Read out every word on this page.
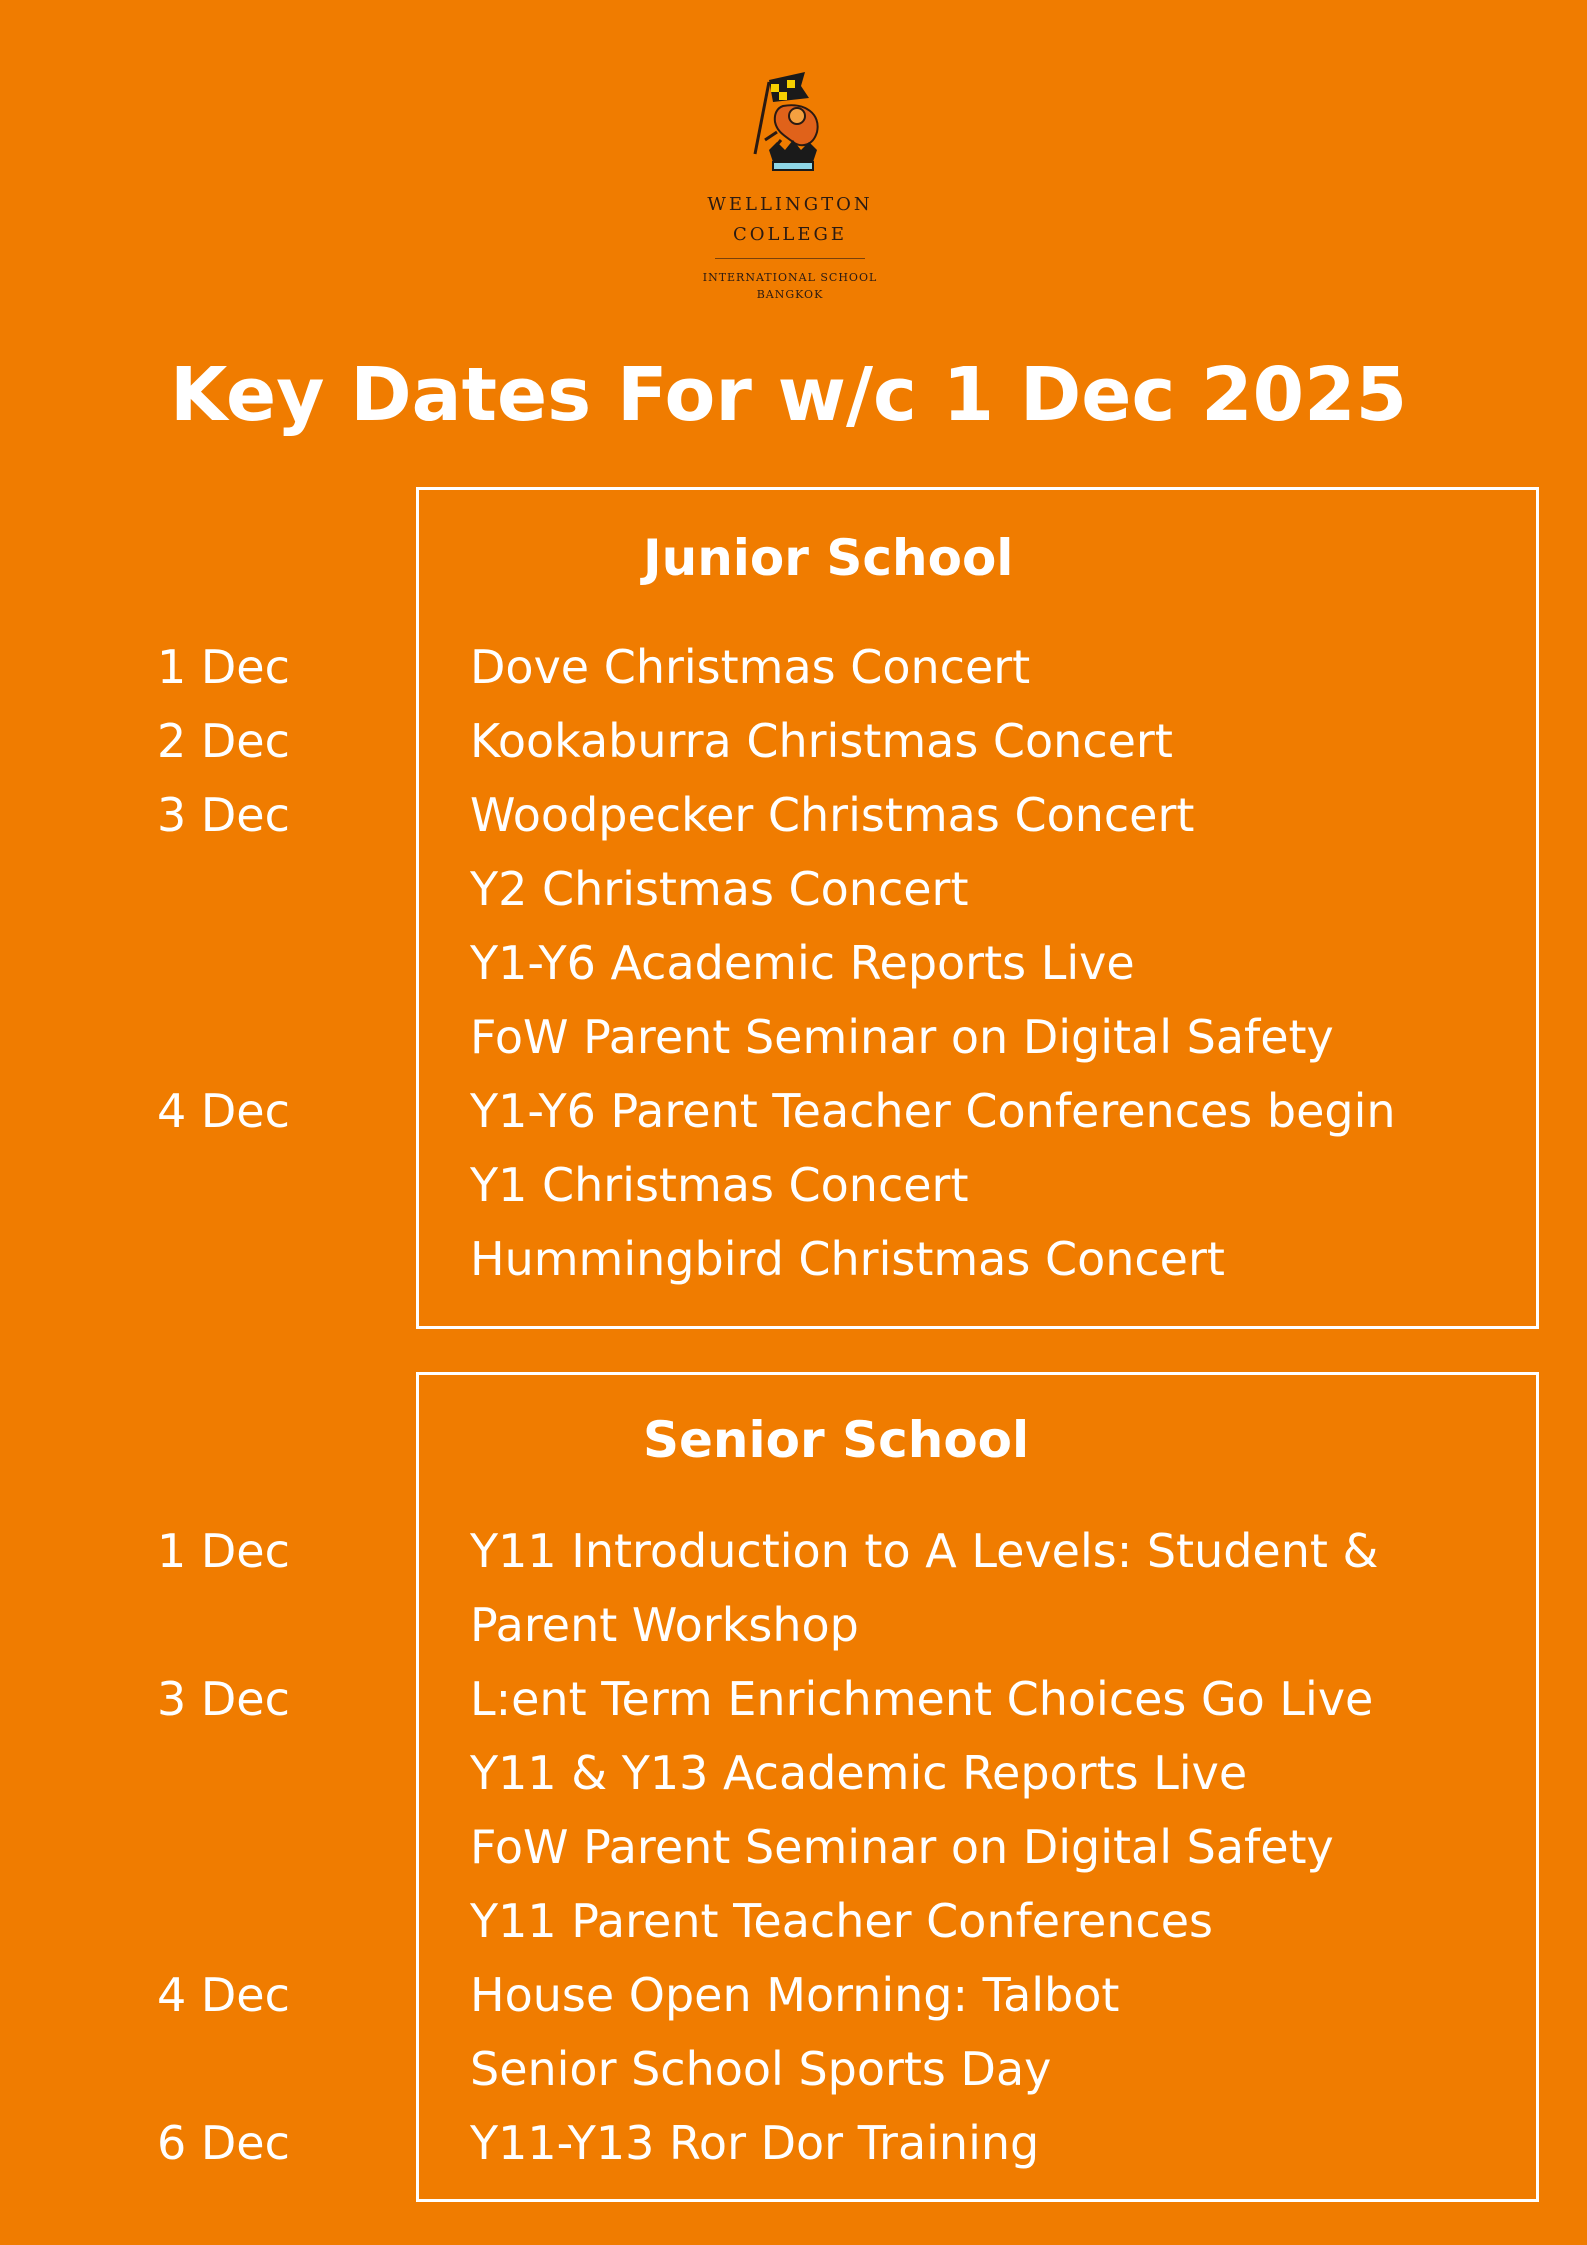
WELLINGTON
COLLEGE
INTERNATIONAL SCHOOL
BANGKOK
Key Dates For w/c 1 Dec 2025
Junior School
1 Dec	Dove Christmas Concert
2 Dec	Kookaburra Christmas Concert
3 Dec	Woodpecker Christmas Concert
Y2 Christmas Concert
Y1-Y6 Academic Reports Live
FoW Parent Seminar on Digital Safety
4 Dec	Y1-Y6 Parent Teacher Conferences begin
Y1 Christmas Concert
Hummingbird Christmas Concert
Senior School
1 Dec	Y11 Introduction to A Levels: Student &
Parent Workshop
3 Dec	L:ent Term Enrichment Choices Go Live
Y11 & Y13 Academic Reports Live
FoW Parent Seminar on Digital Safety
Y11 Parent Teacher Conferences
4 Dec	House Open Morning: Talbot
Senior School Sports Day
6 Dec	Y11-Y13 Ror Dor Training
